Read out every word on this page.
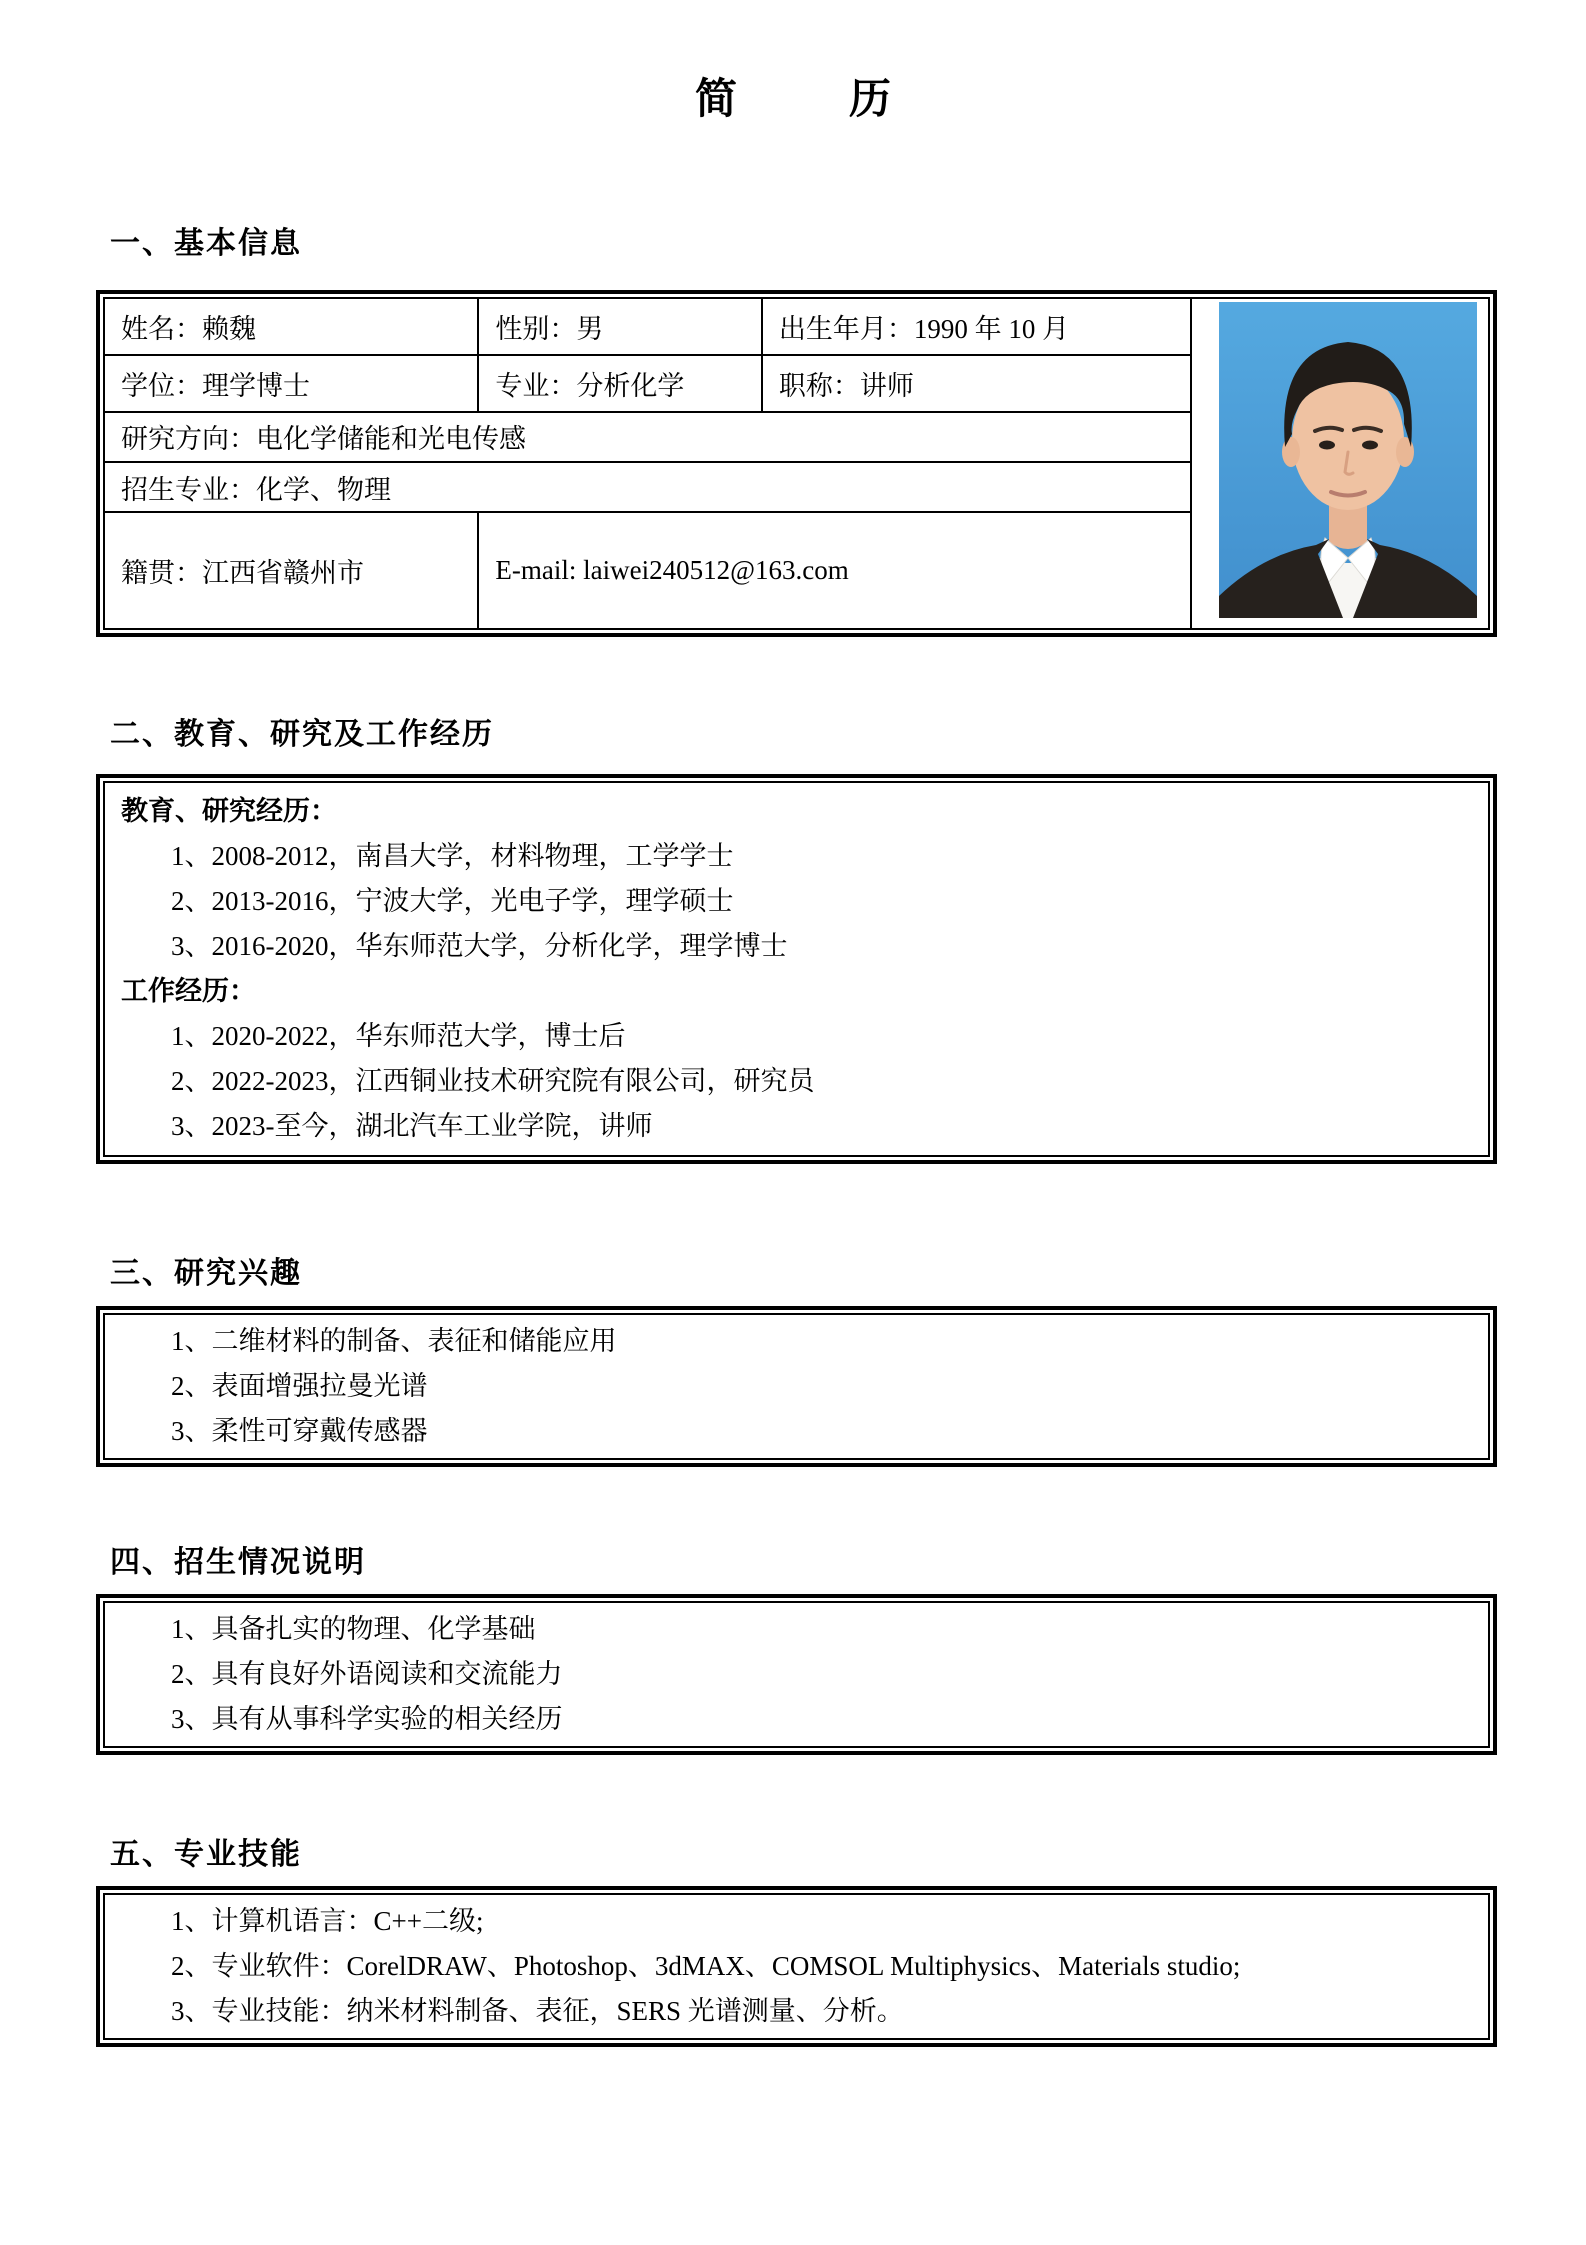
简	历
一、基本信息
姓名：赖魏	性别：男	出生年月：1990 年 10 月	
学位：理学博士	专业：分析化学	职称：讲师	
研究方向：电化学储能和光电传感			
招生专业：化学、物理			
籍贯：江西省赣州市	E-mail: laiwei240512@163.com		
二、教育、研究及工作经历
教育、研究经历：
1、2008-2012，南昌大学，材料物理，工学学士
2、2013-2016，宁波大学，光电子学，理学硕士
3、2016-2020，华东师范大学，分析化学，理学博士
工作经历：
1、2020-2022，华东师范大学，博士后
2、2022-2023，江西铜业技术研究院有限公司，研究员
3、2023-至今，湖北汽车工业学院，讲师
三、研究兴趣
1、二维材料的制备、表征和储能应用
2、表面增强拉曼光谱
3、柔性可穿戴传感器
四、招生情况说明
1、具备扎实的物理、化学基础
2、具有良好外语阅读和交流能力
3、具有从事科学实验的相关经历
五、专业技能
1、计算机语言：C++二级;
2、专业软件：CorelDRAW、Photoshop、3dMAX、COMSOL Multiphysics、Materials studio;
3、专业技能：纳米材料制备、表征，SERS 光谱测量、分析。
